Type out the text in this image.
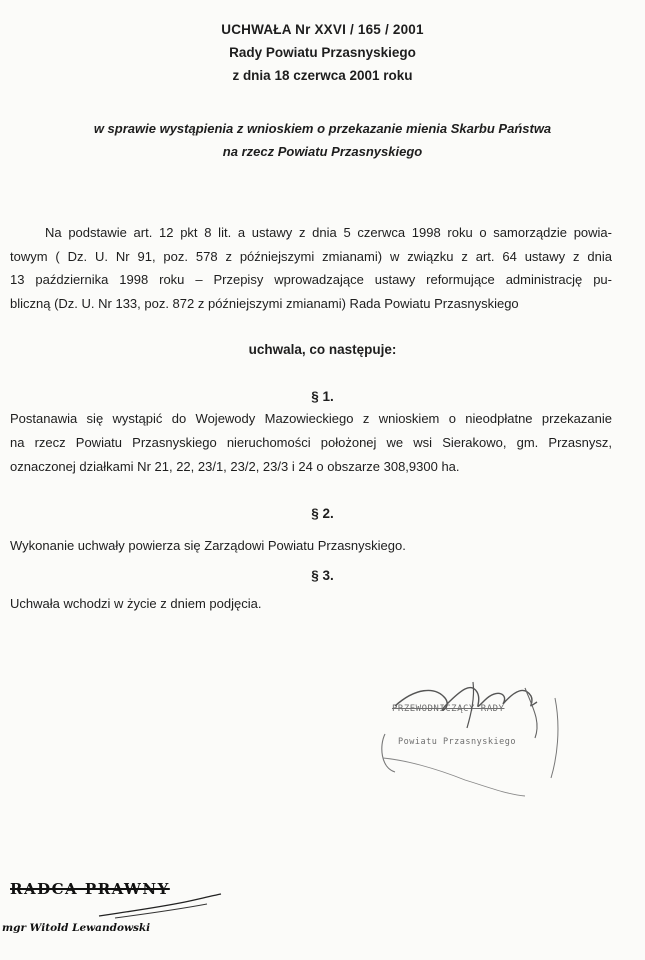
UCHWAŁA Nr XXVI / 165 / 2001
Rady Powiatu Przasnyskiego
z dnia 18 czerwca 2001 roku
w sprawie wystąpienia z wnioskiem o przekazanie mienia Skarbu Państwa
na rzecz Powiatu Przasnyskiego
Na podstawie art. 12 pkt 8 lit. a ustawy z dnia 5 czerwca 1998 roku o samorządzie powia-
towym ( Dz. U. Nr 91, poz. 578 z późniejszymi zmianami) w związku z art. 64 ustawy z dnia
13 października 1998 roku – Przepisy wprowadzające ustawy reformujące administrację pu-
bliczną (Dz. U. Nr 133, poz. 872 z późniejszymi zmianami) Rada Powiatu Przasnyskiego
uchwala, co następuje:
§ 1.
Postanawia się wystąpić do Wojewody Mazowieckiego z wnioskiem o nieodpłatne przekazanie
na rzecz Powiatu Przasnyskiego nieruchomości położonej we wsi Sierakowo, gm. Przasnysz,
oznaczonej działkami Nr 21, 22, 23/1, 23/2, 23/3 i 24 o obszarze 308,9300 ha.
§ 2.
Wykonanie uchwały powierza się Zarządowi Powiatu Przasnyskiego.
§ 3.
Uchwała wchodzi w życie z dniem podjęcia.
PRZEWODNICZĄCY RADY
Powiatu Przasnyskiego
RADCA PRAWNY
mgr Witold Lewandowski
